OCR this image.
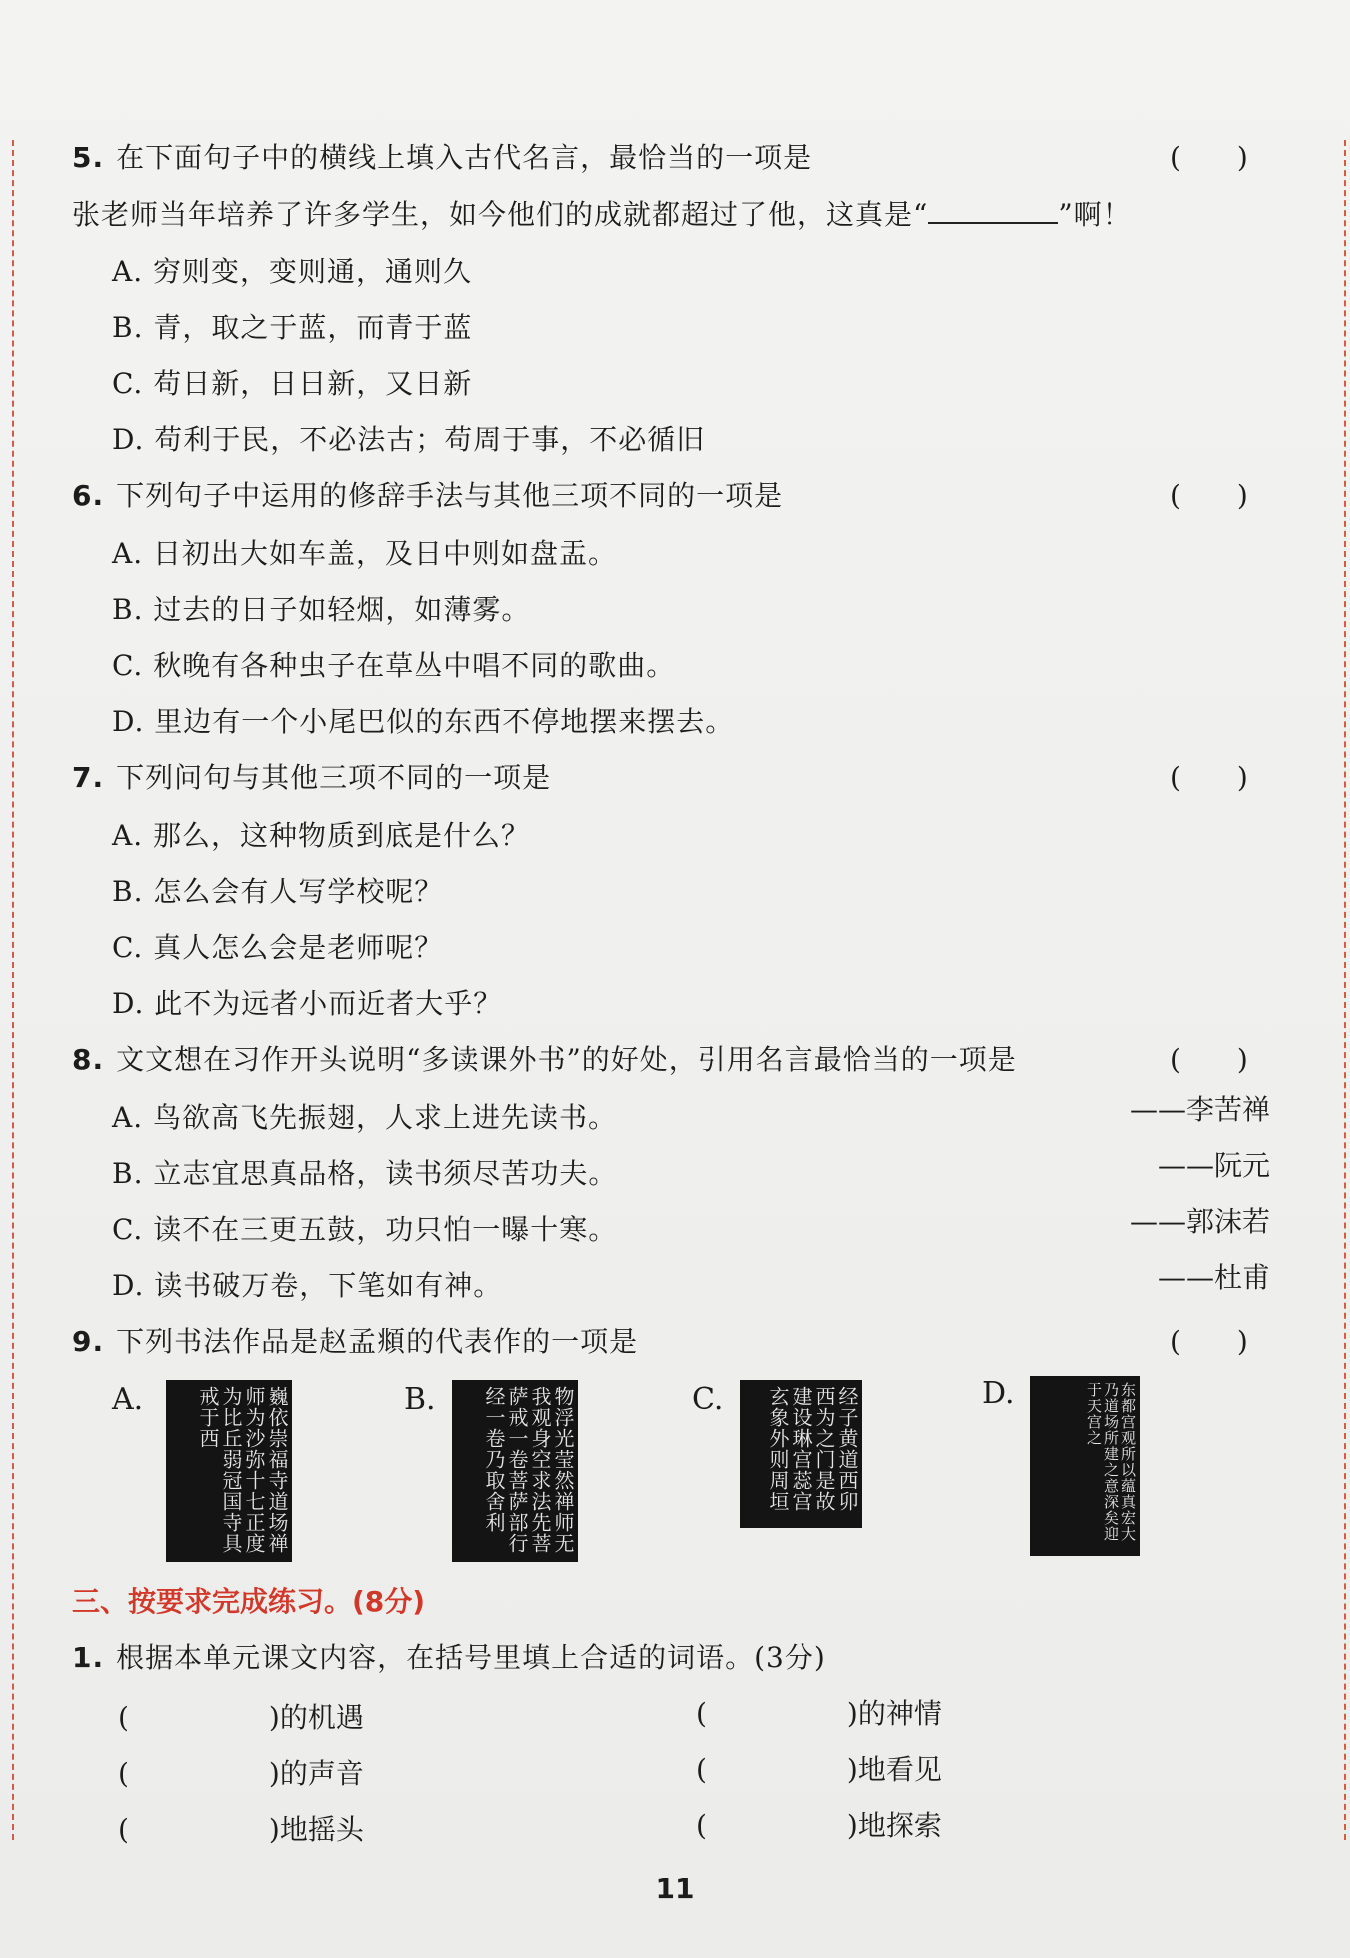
5. 在下面句子中的横线上填入古代名言，最恰当的一项是	(　　)
张老师当年培养了许多学生，如今他们的成就都超过了他，这真是“	”啊！
A. 穷则变，变则通，通则久
B. 青，取之于蓝，而青于蓝
C. 苟日新，日日新，又日新
D. 苟利于民，不必法古；苟周于事，不必循旧
6. 下列句子中运用的修辞手法与其他三项不同的一项是	(　　)
A. 日初出大如车盖，及日中则如盘盂。
B. 过去的日子如轻烟，如薄雾。
C. 秋晚有各种虫子在草丛中唱不同的歌曲。
D. 里边有一个小尾巴似的东西不停地摆来摆去。
7. 下列问句与其他三项不同的一项是	(　　)
A. 那么，这种物质到底是什么？
B. 怎么会有人写学校呢？
C. 真人怎么会是老师呢？
D. 此不为远者小而近者大乎？
8. 文文想在习作开头说明“多读课外书”的好处，引用名言最恰当的一项是	(　　)
A. 鸟欲高飞先振翅，人求上进先读书。	——李苦禅
B. 立志宜思真品格，读书须尽苦功夫。	——阮元
C. 读不在三更五鼓，功只怕一曝十寒。	——郭沫若
D. 读书破万卷，下笔如有神。	——杜甫
9. 下列书法作品是赵孟頫的代表作的一项是	(　　)
A.	巍依崇福寺道场禅师为沙弥十七正度为比丘弱冠国寺具戒于西	B.	物浮光莹然禅师无我观身空求法先菩萨戒一卷菩萨部行经一卷乃取舍利	C.	经子黄道西卯西为之门是故建设琳宫蕊宫玄象外则周垣	D.	东都宫观所以蕴真宏大乃道场所建之意深矣迎于天宫之
三、按要求完成练习。(8分)
1. 根据本单元课文内容，在括号里填上合适的词语。(3分)
(　　　　　)的机遇	(　　　　　)的神情
(　　　　　)的声音	(　　　　　)地看见
(　　　　　)地摇头	(　　　　　)地探索
11
